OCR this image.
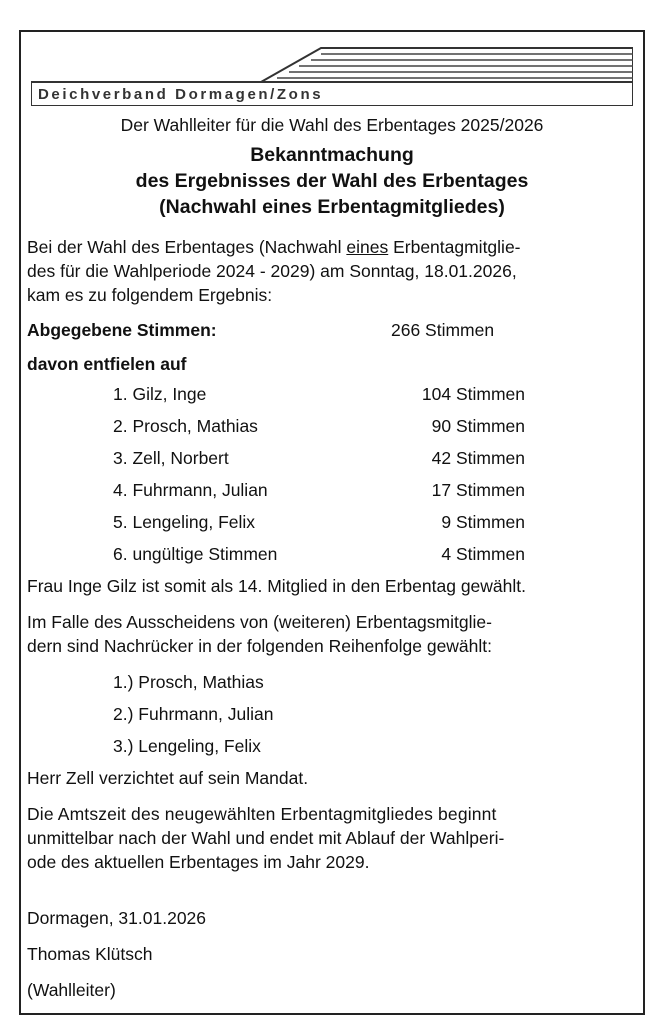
Deichverband Dormagen/Zons
Der Wahlleiter für die Wahl des Erbentages 2025/2026
Bekanntmachung
des Ergebnisses der Wahl des Erbentages
(Nachwahl eines Erbentagmitgliedes)
Bei der Wahl des Erbentages (Nachwahl eines Erbentagmitglie-
des für die Wahlperiode 2024 - 2029) am Sonntag, 18.01.2026,
kam es zu folgendem Ergebnis:
Abgegebene Stimmen:	266 Stimmen
davon entfielen auf
1. Gilz, Inge	104 Stimmen
2. Prosch, Mathias	90 Stimmen
3. Zell, Norbert	42 Stimmen
4. Fuhrmann, Julian	17 Stimmen
5. Lengeling, Felix	9 Stimmen
6. ungültige Stimmen	4 Stimmen
Frau Inge Gilz ist somit als 14. Mitglied in den Erbentag gewählt.
Im Falle des Ausscheidens von (weiteren) Erbentagsmitglie-
dern sind Nachrücker in der folgenden Reihenfolge gewählt:
1.) Prosch, Mathias
2.) Fuhrmann, Julian
3.) Lengeling, Felix
Herr Zell verzichtet auf sein Mandat.
Die Amtszeit des neugewählten Erbentagmitgliedes beginnt
unmittelbar nach der Wahl und endet mit Ablauf der Wahlperi-
ode des aktuellen Erbentages im Jahr 2029.
Dormagen, 31.01.2026
Thomas Klütsch
(Wahlleiter)
